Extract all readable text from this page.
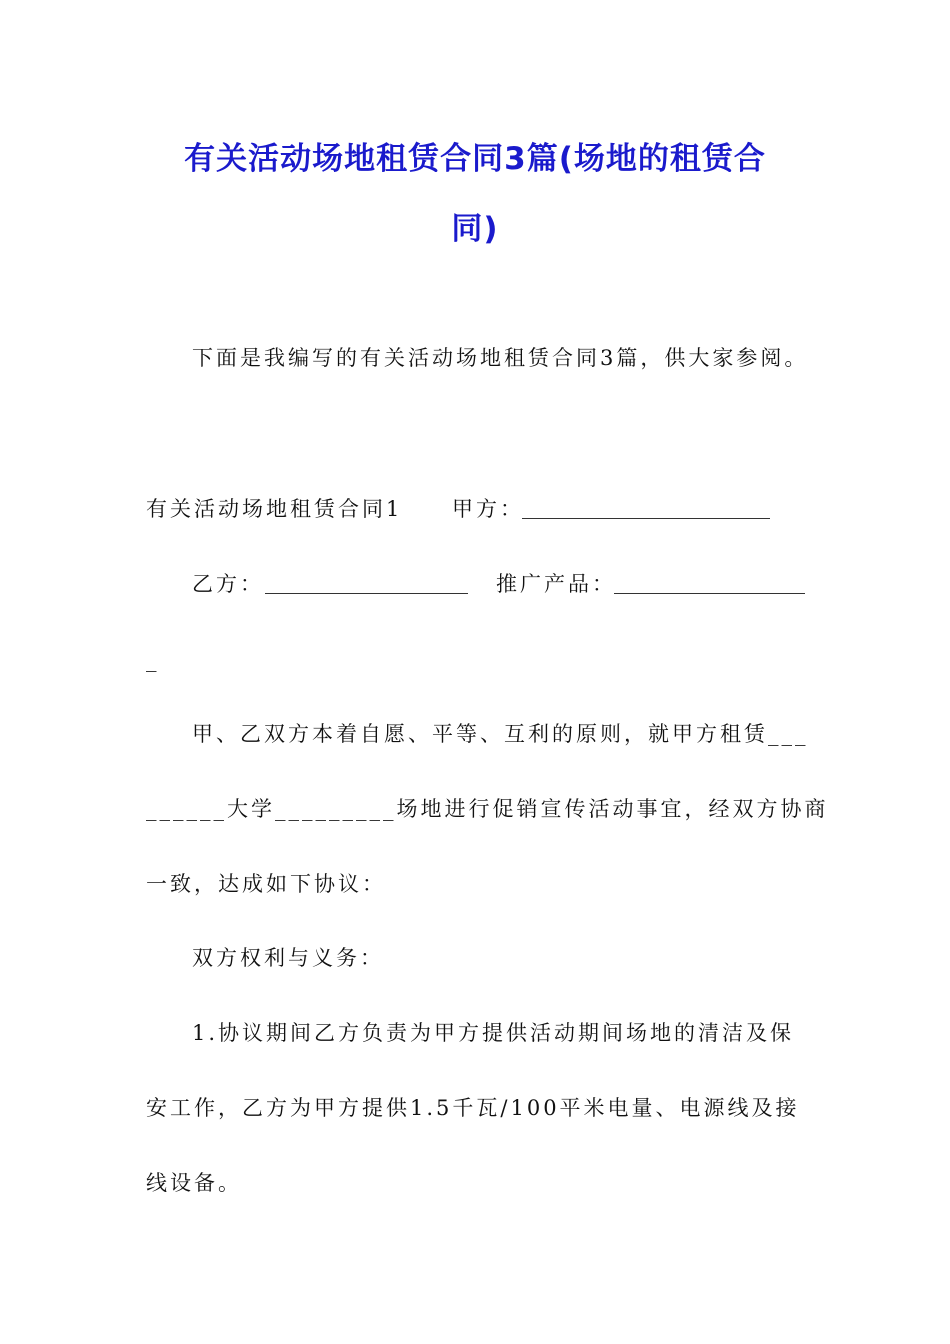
有关活动场地租赁合同3篇(场地的租赁合
同)
下面是我编写的有关活动场地租赁合同3篇，供大家参阅。
有关活动场地租赁合同1 甲方：
乙方：	推广产品：
_
甲、乙双方本着自愿、平等、互利的原则，就甲方租赁___
______大学_________场地进行促销宣传活动事宜，经双方协商
一致，达成如下协议：
双方权利与义务：
1.协议期间乙方负责为甲方提供活动期间场地的清洁及保
安工作，乙方为甲方提供1.5千瓦/100平米电量、电源线及接
线设备。
